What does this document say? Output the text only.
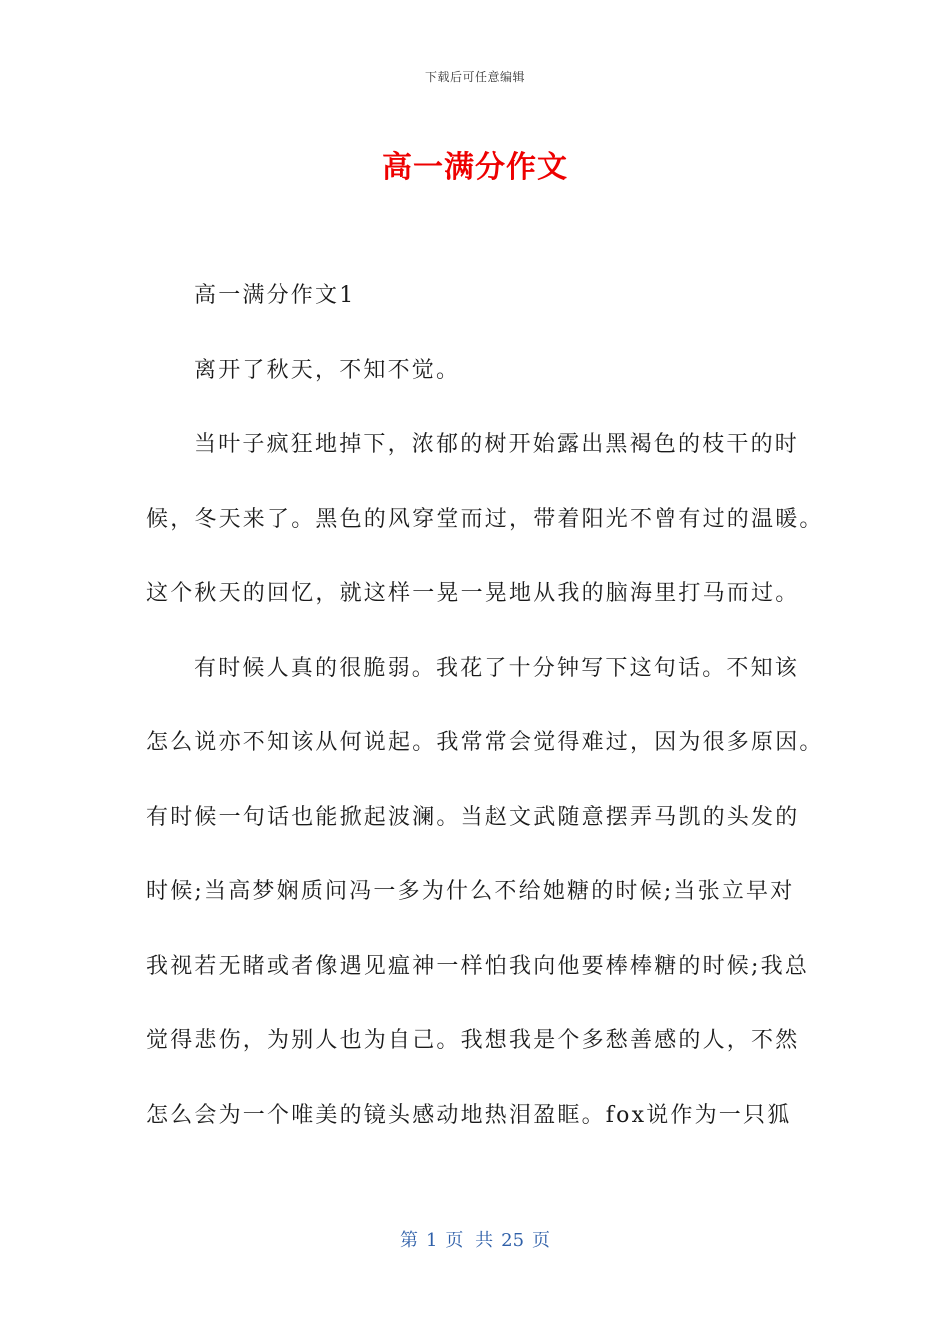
下载后可任意编辑
高一满分作文
高一满分作文1
离开了秋天，不知不觉。
当叶子疯狂地掉下，浓郁的树开始露出黑褐色的枝干的时
候，冬天来了。黑色的风穿堂而过，带着阳光不曾有过的温暖。
这个秋天的回忆，就这样一晃一晃地从我的脑海里打马而过。
有时候人真的很脆弱。我花了十分钟写下这句话。不知该
怎么说亦不知该从何说起。我常常会觉得难过，因为很多原因。
有时候一句话也能掀起波澜。当赵文武随意摆弄马凯的头发的
时候;当高梦娴质问冯一多为什么不给她糖的时候;当张立早对
我视若无睹或者像遇见瘟神一样怕我向他要棒棒糖的时候;我总
觉得悲伤，为别人也为自己。我想我是个多愁善感的人，不然
怎么会为一个唯美的镜头感动地热泪盈眶。fox说作为一只狐
第 1 页 共 25 页
